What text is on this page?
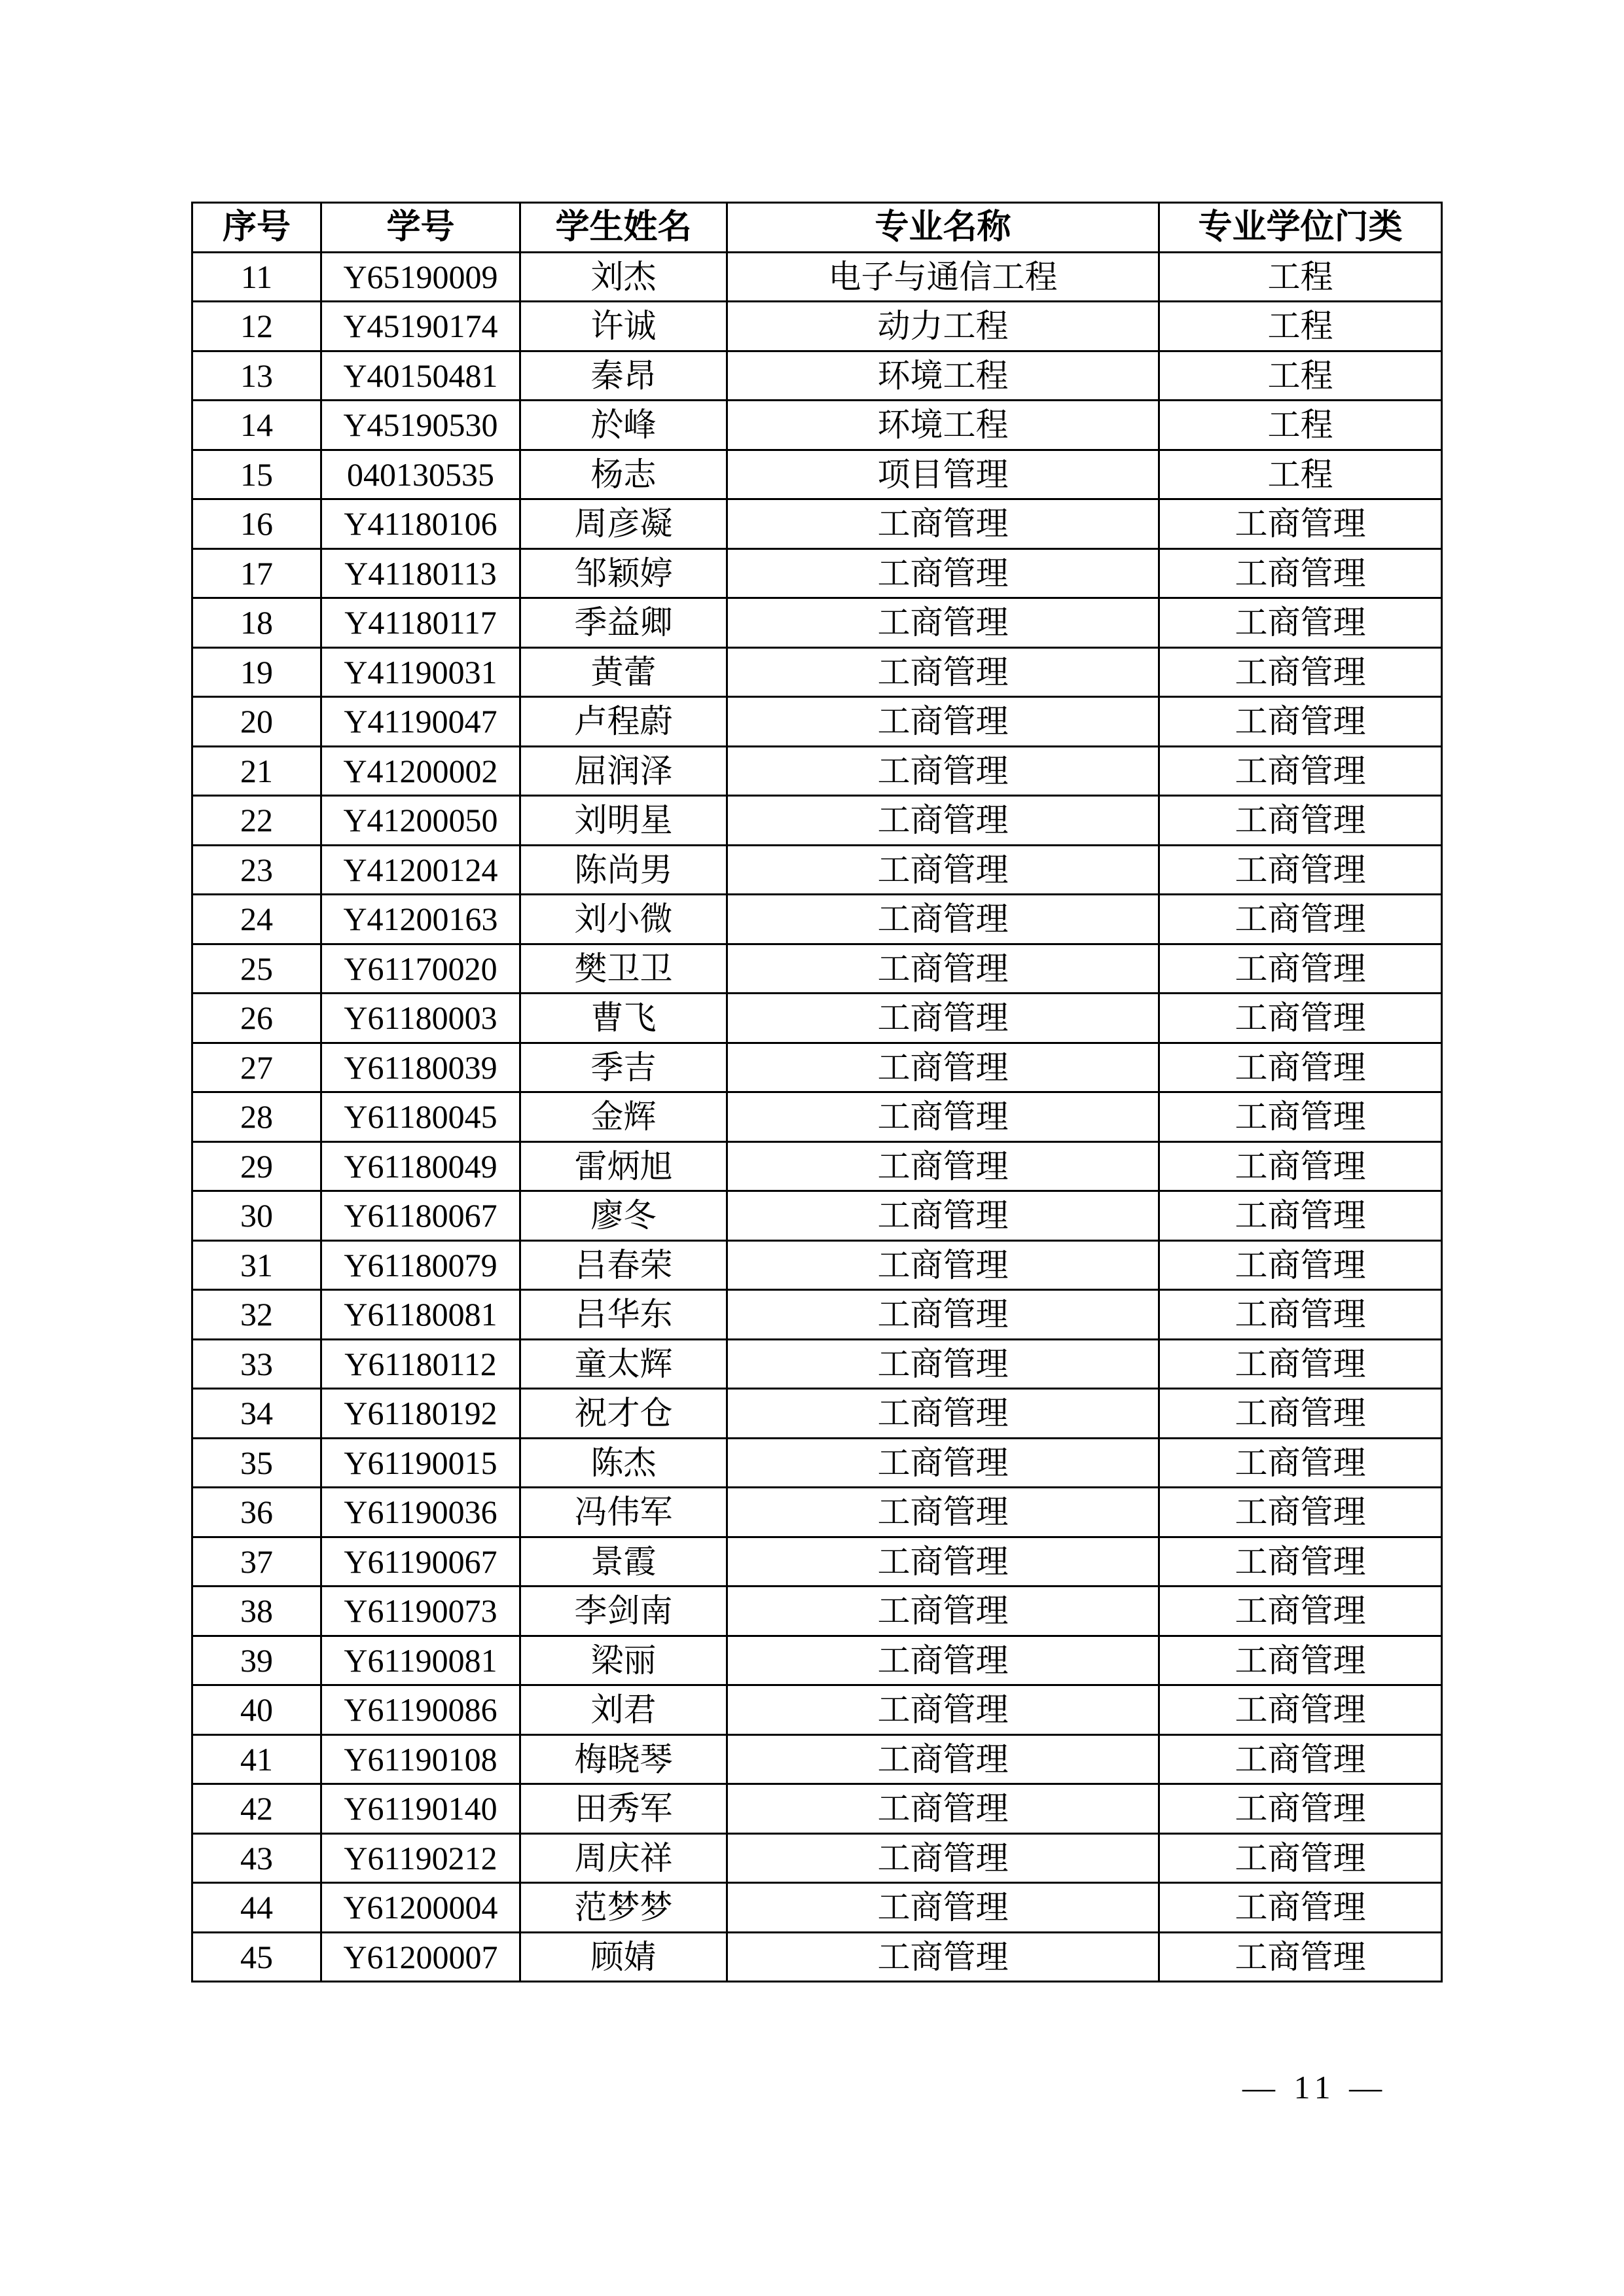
序号	学号	学生姓名	专业名称	专业学位门类
11	Y65190009	刘杰	电子与通信工程	工程
12	Y45190174	许诚	动力工程	工程
13	Y40150481	秦昂	环境工程	工程
14	Y45190530	於峰	环境工程	工程
15	040130535	杨志	项目管理	工程
16	Y41180106	周彦凝	工商管理	工商管理
17	Y41180113	邹颖婷	工商管理	工商管理
18	Y41180117	季益卿	工商管理	工商管理
19	Y41190031	黄蕾	工商管理	工商管理
20	Y41190047	卢程蔚	工商管理	工商管理
21	Y41200002	屈润泽	工商管理	工商管理
22	Y41200050	刘明星	工商管理	工商管理
23	Y41200124	陈尚男	工商管理	工商管理
24	Y41200163	刘小微	工商管理	工商管理
25	Y61170020	樊卫卫	工商管理	工商管理
26	Y61180003	曹飞	工商管理	工商管理
27	Y61180039	季吉	工商管理	工商管理
28	Y61180045	金辉	工商管理	工商管理
29	Y61180049	雷炳旭	工商管理	工商管理
30	Y61180067	廖冬	工商管理	工商管理
31	Y61180079	吕春荣	工商管理	工商管理
32	Y61180081	吕华东	工商管理	工商管理
33	Y61180112	童太辉	工商管理	工商管理
34	Y61180192	祝才仓	工商管理	工商管理
35	Y61190015	陈杰	工商管理	工商管理
36	Y61190036	冯伟军	工商管理	工商管理
37	Y61190067	景霞	工商管理	工商管理
38	Y61190073	李剑南	工商管理	工商管理
39	Y61190081	梁丽	工商管理	工商管理
40	Y61190086	刘君	工商管理	工商管理
41	Y61190108	梅晓琴	工商管理	工商管理
42	Y61190140	田秀军	工商管理	工商管理
43	Y61190212	周庆祥	工商管理	工商管理
44	Y61200004	范梦梦	工商管理	工商管理
45	Y61200007	顾婧	工商管理	工商管理
— 11 —
